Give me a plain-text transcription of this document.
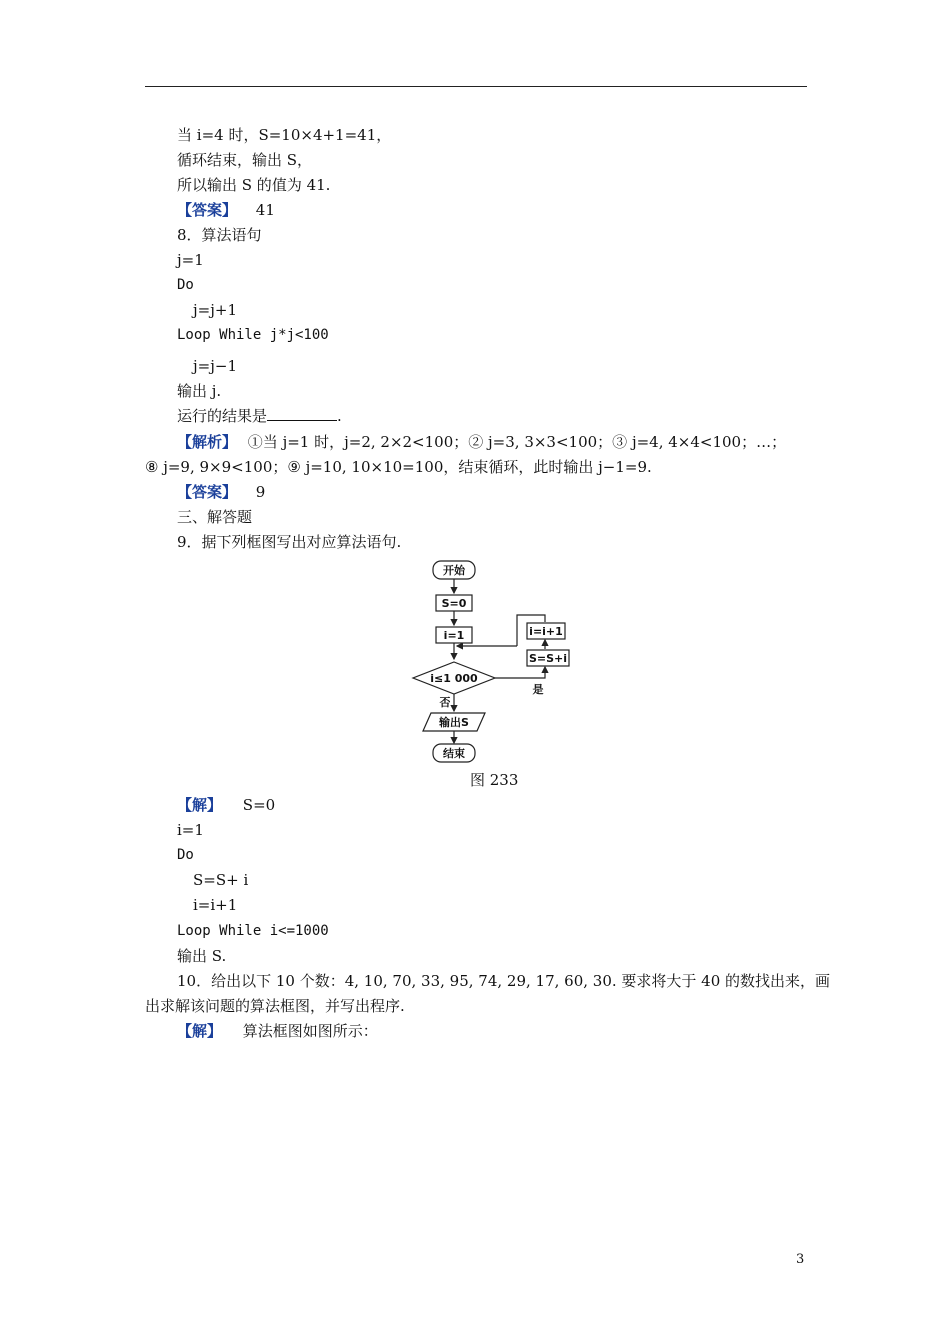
当 i=4 时，S=10×4+1=41，
循环结束，输出 S，
所以输出 S 的值为 41.
【答案】 41
8．算法语句
j=1
Do
j=j+1
Loop While j*j<100
j=j−1
输出 j.
运行的结果是	.
【解析】 ①当 j=1 时，j=2, 2×2<100；② j=3, 3×3<100；③ j=4, 4×4<100；…；
⑧ j=9, 9×9<100；⑨ j=10, 10×10=100，结束循环，此时输出 j−1=9.
【答案】 9
三、解答题
9．据下列框图写出对应算法语句.
开始
S=0
i=1
i≤1 000
i=i+1
S=S+i
是
否
输出S
结束
图 233
【解】 S=0
i=1
Do
S=S+ i
i=i+1
Loop While i<=1000
输出 S.
10．给出以下 10 个数：4, 10, 70, 33, 95, 74, 29, 17, 60, 30. 要求将大于 40 的数找出来，画
出求解该问题的算法框图，并写出程序.
【解】 算法框图如图所示：
3
